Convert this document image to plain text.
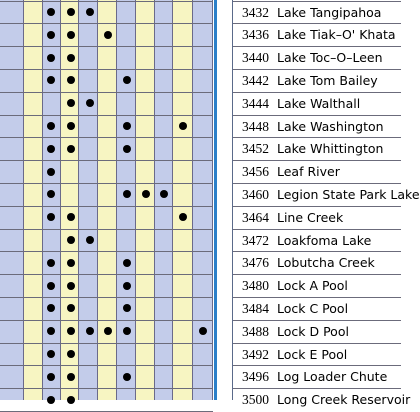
3432 Lake Tangipahoa
3436 Lake Tiak–O' Khata
3440 Lake Toc–O–Leen
3442 Lake Tom Bailey
3444 Lake Walthall
3448 Lake Washington
3452 Lake Whittington
3456 Leaf River
3460 Legion State Park Lake
3464 Line Creek
3472 Loakfoma Lake
3476 Lobutcha Creek
3480 Lock A Pool
3484 Lock C Pool
3488 Lock D Pool
3492 Lock E Pool
3496 Log Loader Chute
3500 Long Creek Reservoir
